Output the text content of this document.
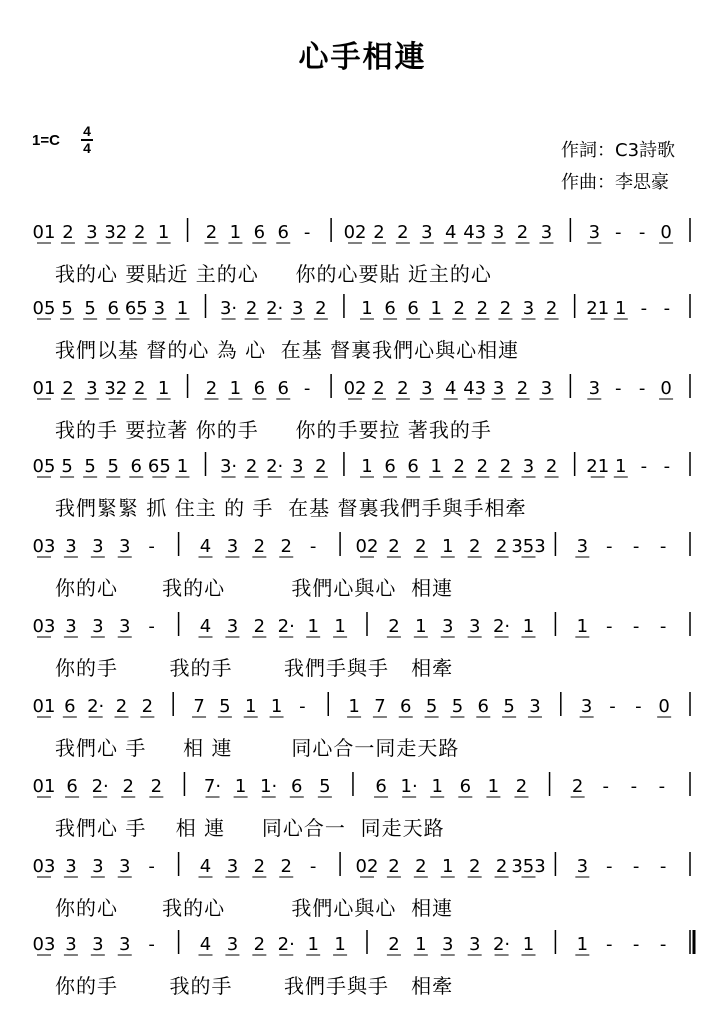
心手相連
1=C
4
4	作詞：C3詩歌
作曲：李思豪
01 2 3 32 2 1 2 1 6 6 - 02 2 2 3 4 43 3 2 3 3 - - 0
我的心 要貼近 主的心     你的心要貼 近主的心
05 5 5 6 65 3 1 3· 2 2· 3 2 1 6 6 1 2 2 2 3 2 21 1 - -
我們以基 督的心 為 心  在基 督裏我們心與心相連
01 2 3 32 2 1 2 1 6 6 - 02 2 2 3 4 43 3 2 3 3 - - 0
我的手 要拉著 你的手     你的手要拉 著我的手
05 5 5 5 6 65 1 3· 2 2· 3 2 1 6 6 1 2 2 2 3 2 21 1 - -
我們緊緊 抓 住主 的 手  在基 督裏我們手與手相牽
03 3 3 3 - 4 3 2 2 - 02 2 2 1 2 2 353 3 - - -
你的心      我的心         我們心與心  相連
03 3 3 3 - 4 3 2 2· 1 1 2 1 3 3 2· 1 1 - - -
你的手       我的手       我們手與手   相牽
01 6 2· 2 2 7 5 1 1 - 1 7 6 5 5 6 5 3 3 - - 0
我們心 手     相 連        同心合一同走天路
01 6 2· 2 2 7· 1 1· 6 5 6 1· 1 6 1 2 2 - - -
我們心 手    相 連     同心合一  同走天路
03 3 3 3 - 4 3 2 2 - 02 2 2 1 2 2 353 3 - - -
你的心      我的心         我們心與心  相連
03 3 3 3 - 4 3 2 2· 1 1 2 1 3 3 2· 1 1 - - -
你的手       我的手       我們手與手   相牽
